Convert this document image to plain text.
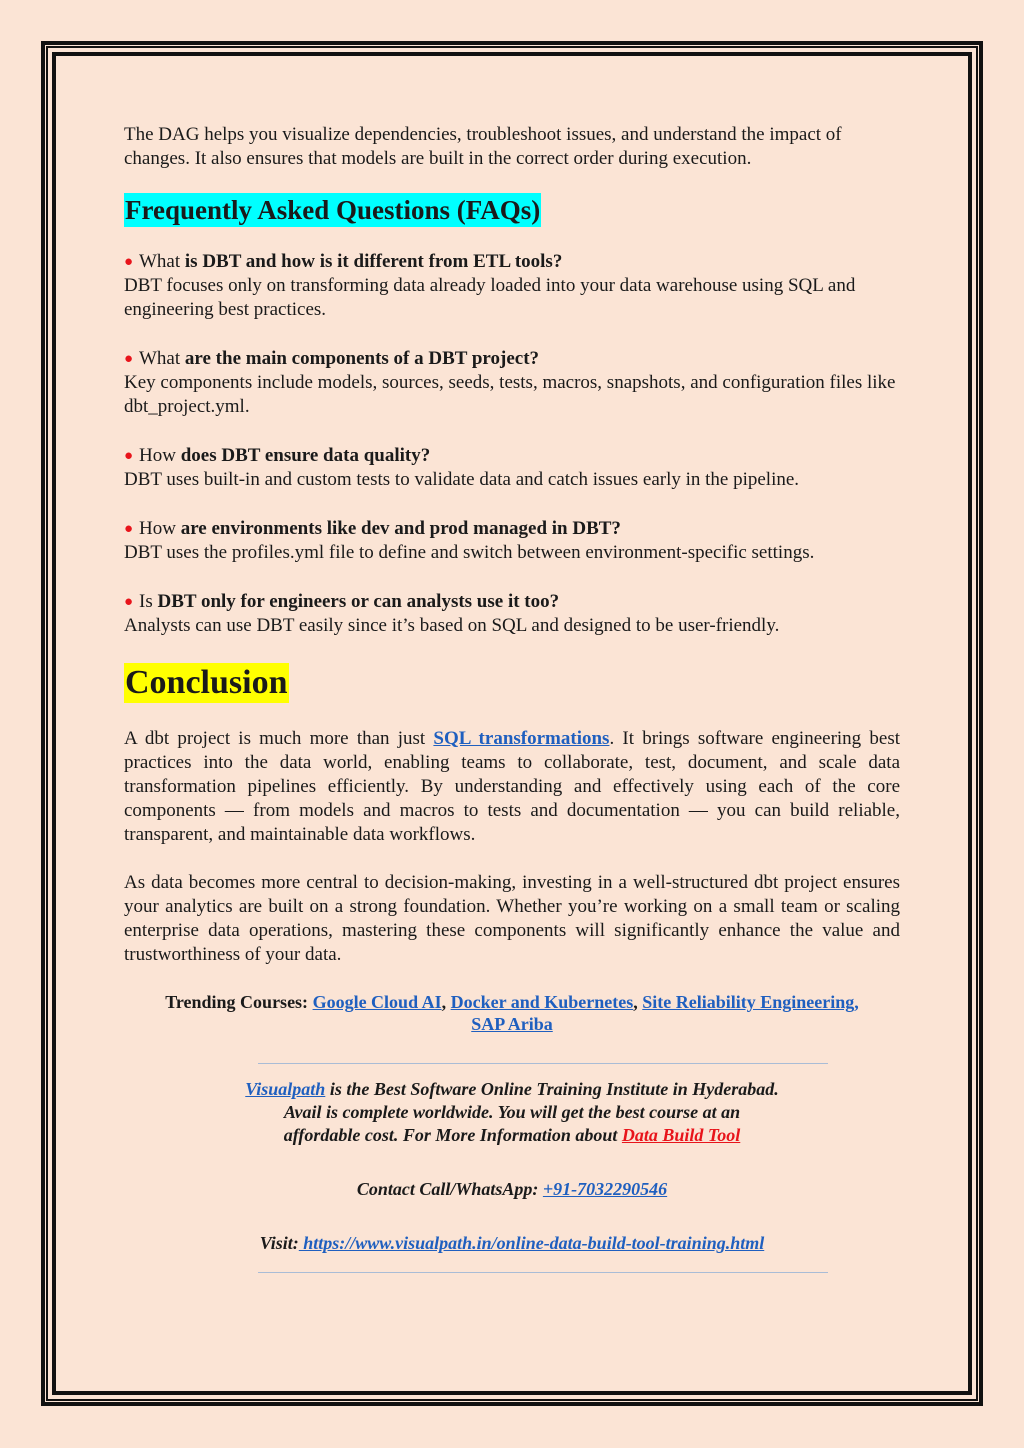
The DAG helps you visualize dependencies, troubleshoot issues, and understand the impact of changes. It also ensures that models are built in the correct order during execution.

Frequently Asked Questions (FAQs)
● What is DBT and how is it different from ETL tools?
DBT focuses only on transforming data already loaded into your data warehouse using SQL and engineering best practices.
● What are the main components of a DBT project?
Key components include models, sources, seeds, tests, macros, snapshots, and configuration files like dbt_project.yml.
● How does DBT ensure data quality?
DBT uses built-in and custom tests to validate data and catch issues early in the pipeline.
● How are environments like dev and prod managed in DBT?
DBT uses the profiles.yml file to define and switch between environment-specific settings.
● Is DBT only for engineers or can analysts use it too?
Analysts can use DBT easily since it’s based on SQL and designed to be user-friendly.
Conclusion

A dbt project is much more than just SQL transformations. It brings software engineering best practices into the data world, enabling teams to collaborate, test, document, and scale data transformation pipelines efficiently. By understanding and effectively using each of the core components — from models and macros to tests and documentation — you can build reliable, transparent, and maintainable data workflows.

As data becomes more central to decision-making, investing in a well-structured dbt project ensures your analytics are built on a strong foundation. Whether you’re working on a small team or scaling enterprise data operations, mastering these components will significantly enhance the value and trustworthiness of your data.

Trending Courses: Google Cloud AI, Docker and Kubernetes, Site Reliability Engineering, SAP Ariba

Visualpath is the Best Software Online Training Institute in Hyderabad.
Avail is complete worldwide. You will get the best course at an
affordable cost. For More Information about Data Build Tool
Contact Call/WhatsApp: +91-7032290546
Visit: https://www.visualpath.in/online-data-build-tool-training.html
